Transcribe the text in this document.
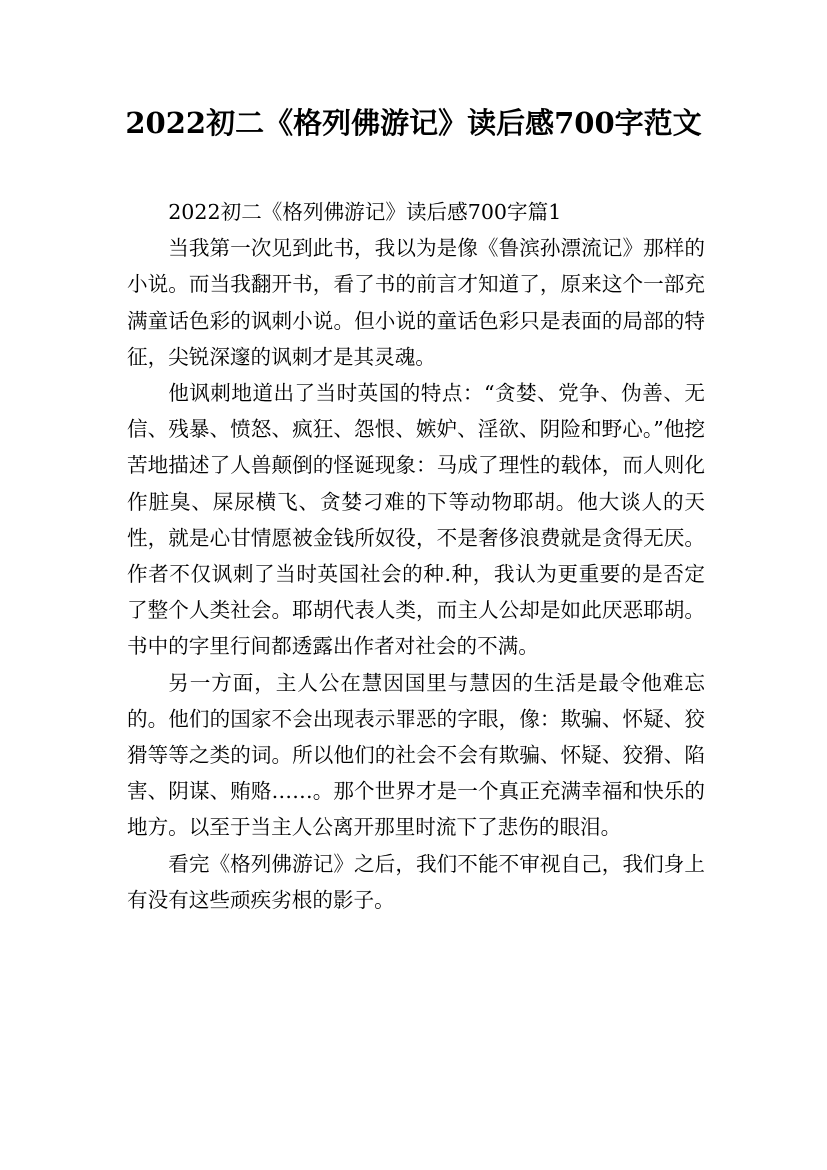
2022初二《格列佛游记》读后感700字范文

2022初二《格列佛游记》读后感700字篇1

当我第一次见到此书，我以为是像《鲁滨孙漂流记》那样的小说。而当我翻开书，看了书的前言才知道了，原来这个一部充满童话色彩的讽刺小说。但小说的童话色彩只是表面的局部的特征，尖锐深邃的讽刺才是其灵魂。

他讽刺地道出了当时英国的特点：“贪婪、党争、伪善、无信、残暴、愤怒、疯狂、怨恨、嫉妒、淫欲、阴险和野心。”他挖苦地描述了人兽颠倒的怪诞现象：马成了理性的载体，而人则化作脏臭、屎尿横飞、贪婪刁难的下等动物耶胡。他大谈人的天性，就是心甘情愿被金钱所奴役，不是奢侈浪费就是贪得无厌。作者不仅讽刺了当时英国社会的种.种，我认为更重要的是否定了整个人类社会。耶胡代表人类，而主人公却是如此厌恶耶胡。书中的字里行间都透露出作者对社会的不满。

另一方面，主人公在慧因国里与慧因的生活是最令他难忘的。他们的国家不会出现表示罪恶的字眼，像：欺骗、怀疑、狡猾等等之类的词。所以他们的社会不会有欺骗、怀疑、狡猾、陷害、阴谋、贿赂……。那个世界才是一个真正充满幸福和快乐的地方。以至于当主人公离开那里时流下了悲伤的眼泪。

看完《格列佛游记》之后，我们不能不审视自己，我们身上有没有这些顽疾劣根的影子。
